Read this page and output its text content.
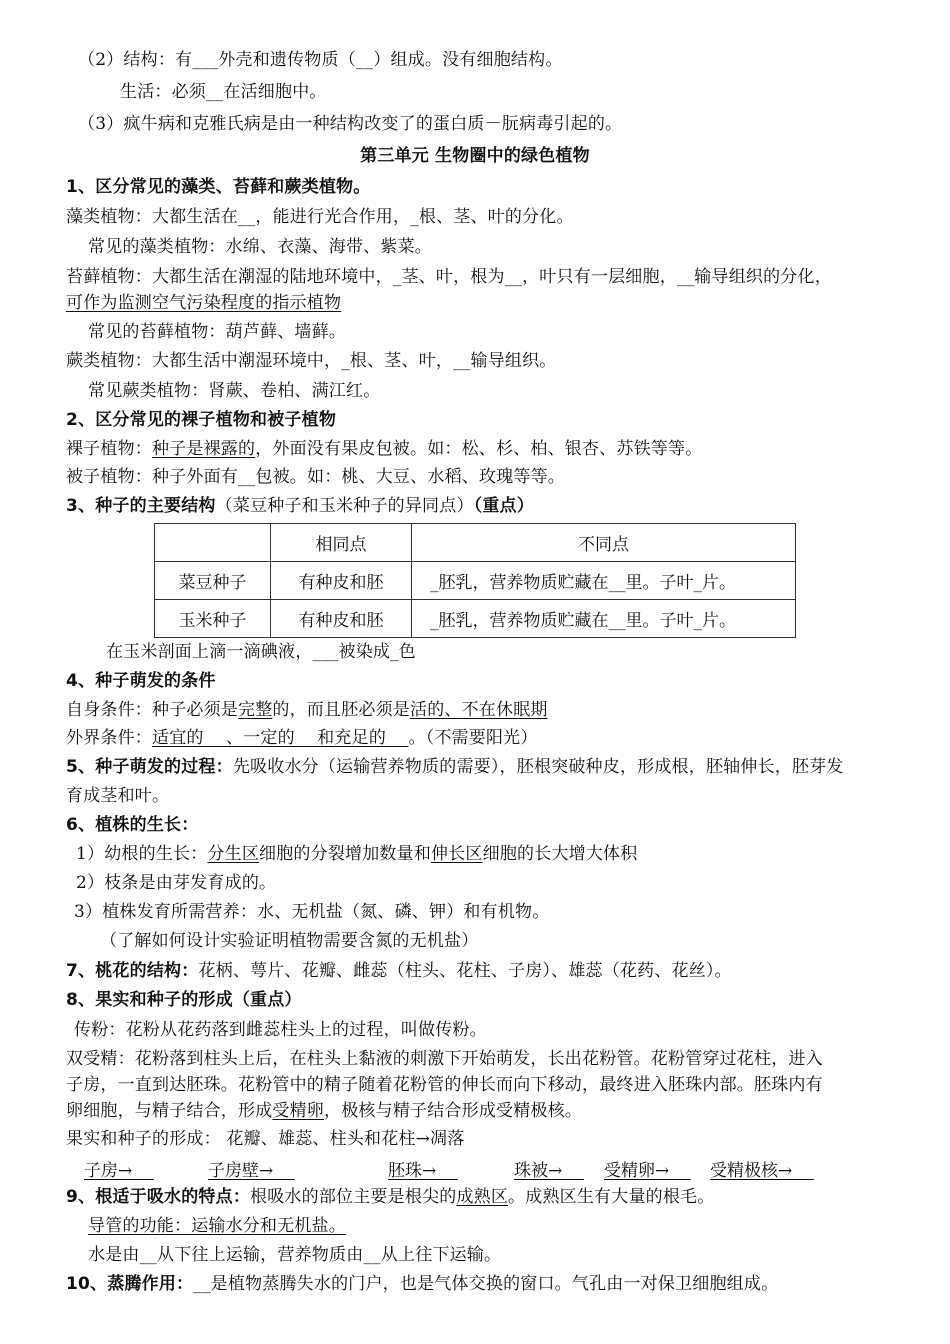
（2）结构：有___外壳和遗传物质（__）组成。没有细胞结构。
生活：必须__在活细胞中。
（3）疯牛病和克雅氏病是由一种结构改变了的蛋白质－朊病毒引起的。
第三单元 生物圈中的绿色植物
1、区分常见的藻类、苔藓和蕨类植物。
藻类植物：大都生活在__，能进行光合作用，_根、茎、叶的分化。
常见的藻类植物：水绵、衣藻、海带、紫菜。
苔藓植物：大都生活在潮湿的陆地环境中，_茎、叶，根为__，叶只有一层细胞，__输导组织的分化，
可作为监测空气污染程度的指示植物
常见的苔藓植物：葫芦藓、墙藓。
蕨类植物：大都生活中潮湿环境中，_根、茎、叶，__输导组织。
常见蕨类植物：肾蕨、卷柏、满江红。
2、区分常见的裸子植物和被子植物
裸子植物：种子是裸露的，外面没有果皮包被。如：松、杉、柏、银杏、苏铁等等。
被子植物：种子外面有__包被。如：桃、大豆、水稻、玫瑰等等。
3、种子的主要结构（菜豆种子和玉米种子的异同点）（重点）
	相同点	不同点
菜豆种子	有种皮和胚	_胚乳，营养物质贮藏在__里。子叶_片。
玉米种子	有种皮和胚	_胚乳，营养物质贮藏在__里。子叶_片。
在玉米剖面上滴一滴碘液，___被染成_色
4、种子萌发的条件
自身条件：种子必须是完整的，而且胚必须是活的、不在休眠期
外界条件：适宜的    、一定的    和充足的    。（不需要阳光）
5、种子萌发的过程：先吸收水分（运输营养物质的需要），胚根突破种皮，形成根，胚轴伸长，胚芽发
育成茎和叶。
6、植株的生长：
1）幼根的生长：分生区细胞的分裂增加数量和伸长区细胞的长大增大体积
2）枝条是由芽发育成的。
3）植株发育所需营养：水、无机盐（氮、磷、钾）和有机物。
（了解如何设计实验证明植物需要含氮的无机盐）
7、桃花的结构：花柄、萼片、花瓣、雌蕊（柱头、花柱、子房）、雄蕊（花药、花丝）。
8、果实和种子的形成（重点）
传粉：花粉从花药落到雌蕊柱头上的过程，叫做传粉。
双受精：花粉落到柱头上后，在柱头上黏液的刺激下开始萌发，长出花粉管。花粉管穿过花柱，进入
子房，一直到达胚珠。花粉管中的精子随着花粉管的伸长而向下移动，最终进入胚珠内部。胚珠内有
卵细胞，与精子结合，形成受精卵，极核与精子结合形成受精极核。
果实和种子的形成： 花瓣、雄蕊、柱头和花柱→凋落
子房→	子房壁→	胚珠→	珠被→ 受精卵→ 受精极核→
9、根适于吸水的特点：根吸水的部位主要是根尖的成熟区。成熟区生有大量的根毛。
导管的功能：运输水分和无机盐。
水是由__从下往上运输，营养物质由__从上往下运输。
10、蒸腾作用：__是植物蒸腾失水的门户，也是气体交换的窗口。气孔由一对保卫细胞组成。
